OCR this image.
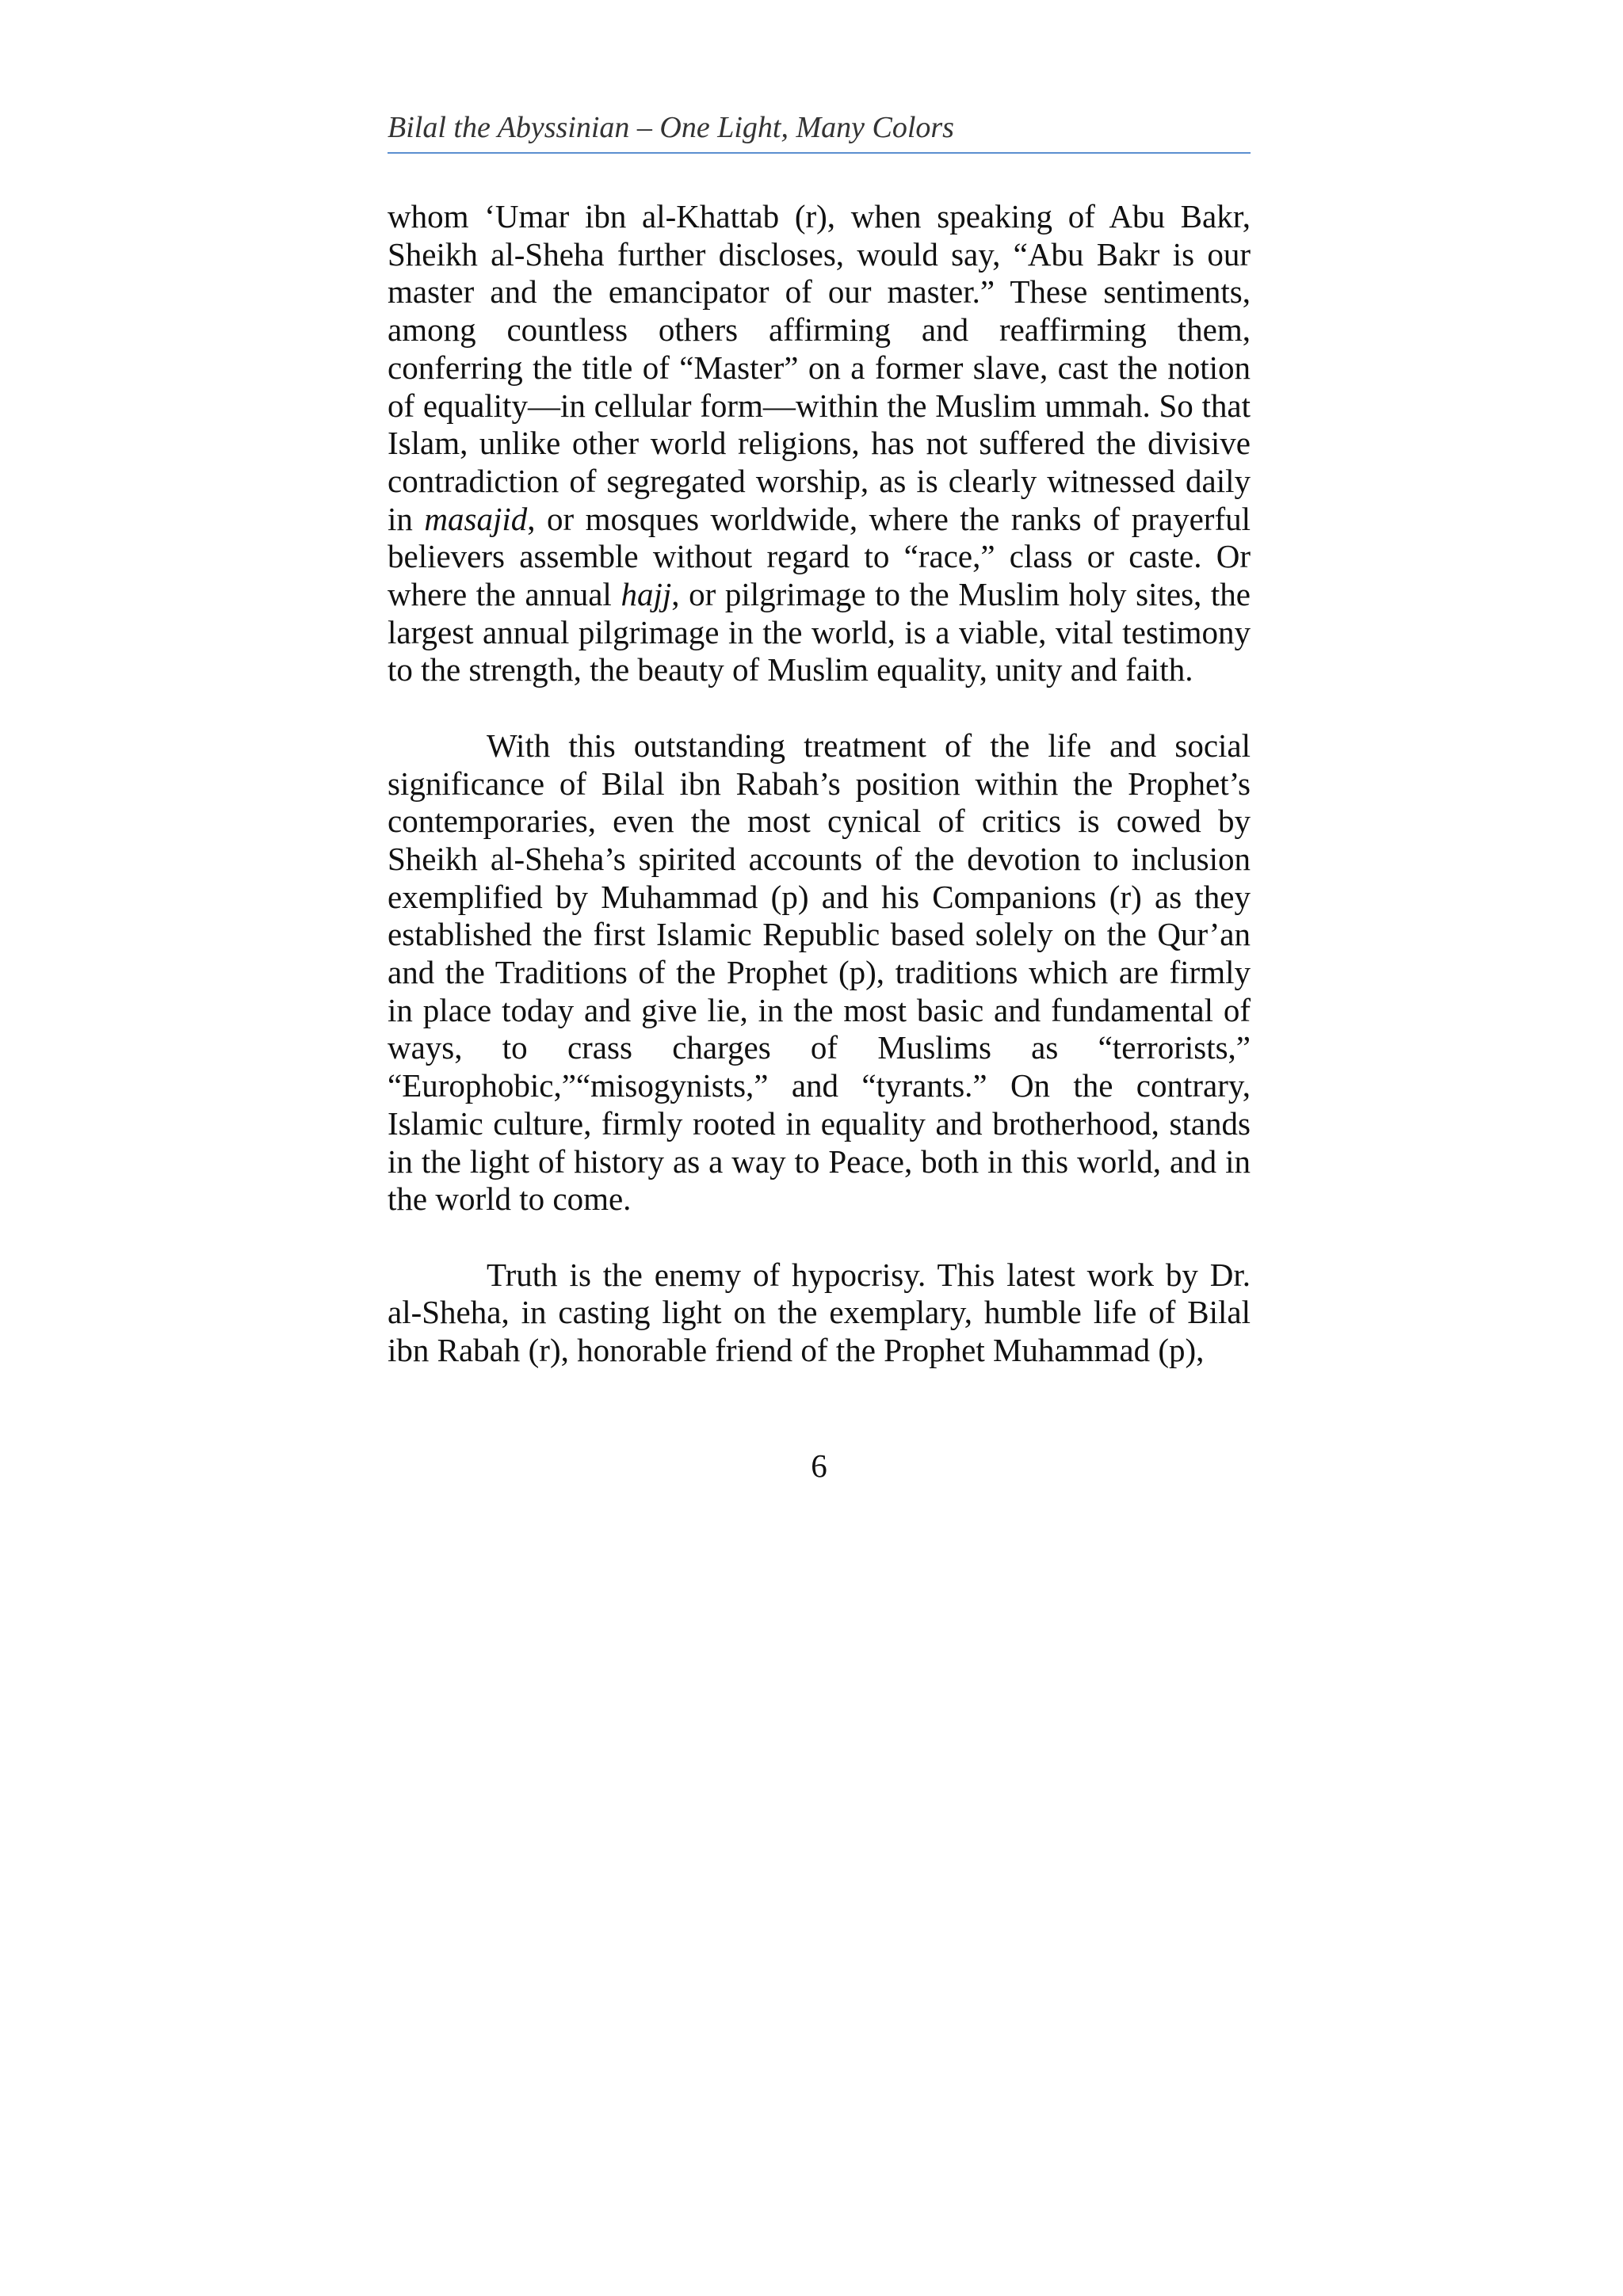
Bilal the Abyssinian – One Light, Many Colors

whom ‘Umar ibn al-Khattab (r), when speaking of Abu Bakr, Sheikh al-Sheha further discloses, would say, “Abu Bakr is our master and the emancipator of our master.” These sentiments, among countless others affirming and reaffirming them, conferring the title of “Master” on a former slave, cast the notion of equality—in cellular form—within the Muslim ummah. So that Islam, unlike other world religions, has not suffered the divisive contradiction of segregated worship, as is clearly witnessed daily in masajid, or mosques worldwide, where the ranks of prayerful believers assemble without regard to “race,” class or caste. Or where the annual hajj, or pilgrimage to the Muslim holy sites, the largest annual pilgrimage in the world, is a viable, vital testimony to the strength, the beauty of Muslim equality, unity and faith.

With this outstanding treatment of the life and social significance of Bilal ibn Rabah’s position within the Prophet’s contemporaries, even the most cynical of critics is cowed by Sheikh al-Sheha’s spirited accounts of the devotion to inclusion exemplified by Muhammad (p) and his Companions (r) as they established the first Islamic Republic based solely on the Qur’an and the Traditions of the Prophet (p), traditions which are firmly in place today and give lie, in the most basic and fundamental of ways, to crass charges of Muslims as “terrorists,” “Europhobic,”“misogynists,” and “tyrants.” On the contrary, Islamic culture, firmly rooted in equality and brotherhood, stands in the light of history as a way to Peace, both in this world, and in the world to come.

Truth is the enemy of hypocrisy. This latest work by Dr. al-Sheha, in casting light on the exemplary, humble life of Bilal ibn Rabah (r), honorable friend of the Prophet Muhammad (p),

6
